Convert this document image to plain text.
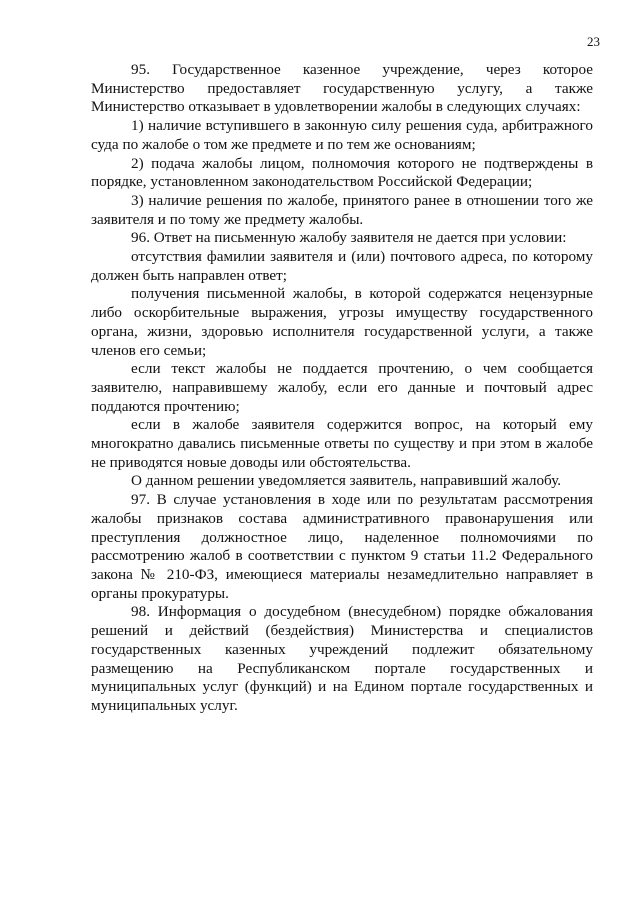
23

95. Государственное казенное учреждение, через которое Министерство предоставляет государственную услугу, а также Министерство отказывает в удовлетворении жалобы в следующих случаях:

1) наличие вступившего в законную силу решения суда, арбитражного суда по жалобе о том же предмете и по тем же основаниям;

2) подача жалобы лицом, полномочия которого не подтверждены в порядке, установленном законодательством Российской Федерации;

3) наличие решения по жалобе, принятого ранее в отношении того же заявителя и по тому же предмету жалобы.

96. Ответ на письменную жалобу заявителя не дается при условии:

отсутствия фамилии заявителя и (или) почтового адреса, по которому должен быть направлен ответ;

получения письменной жалобы, в которой содержатся нецензурные либо оскорбительные выражения, угрозы имуществу государственного органа, жизни, здоровью исполнителя государственной услуги, а также членов его семьи;

если текст жалобы не поддается прочтению, о чем сообщается заявителю, направившему жалобу, если его данные и почтовый адрес поддаются прочтению;

если в жалобе заявителя содержится вопрос, на который ему многократно давались письменные ответы по существу и при этом в жалобе не приводятся новые доводы или обстоятельства.

О данном решении уведомляется заявитель, направивший жалобу.

97. В случае установления в ходе или по результатам рассмотрения жалобы признаков состава административного правонарушения или преступления должностное лицо, наделенное полномочиями по рассмотрению жалоб в соответствии с пунктом 9 статьи 11.2 Федерального закона № 210-ФЗ, имеющиеся материалы незамедлительно направляет в органы прокуратуры.

98. Информация о досудебном (внесудебном) порядке обжалования решений и действий (бездействия) Министерства и специалистов государственных казенных учреждений подлежит обязательному размещению на Республиканском портале государственных и муниципальных услуг (функций) и на Едином портале государственных и муниципальных услуг.
